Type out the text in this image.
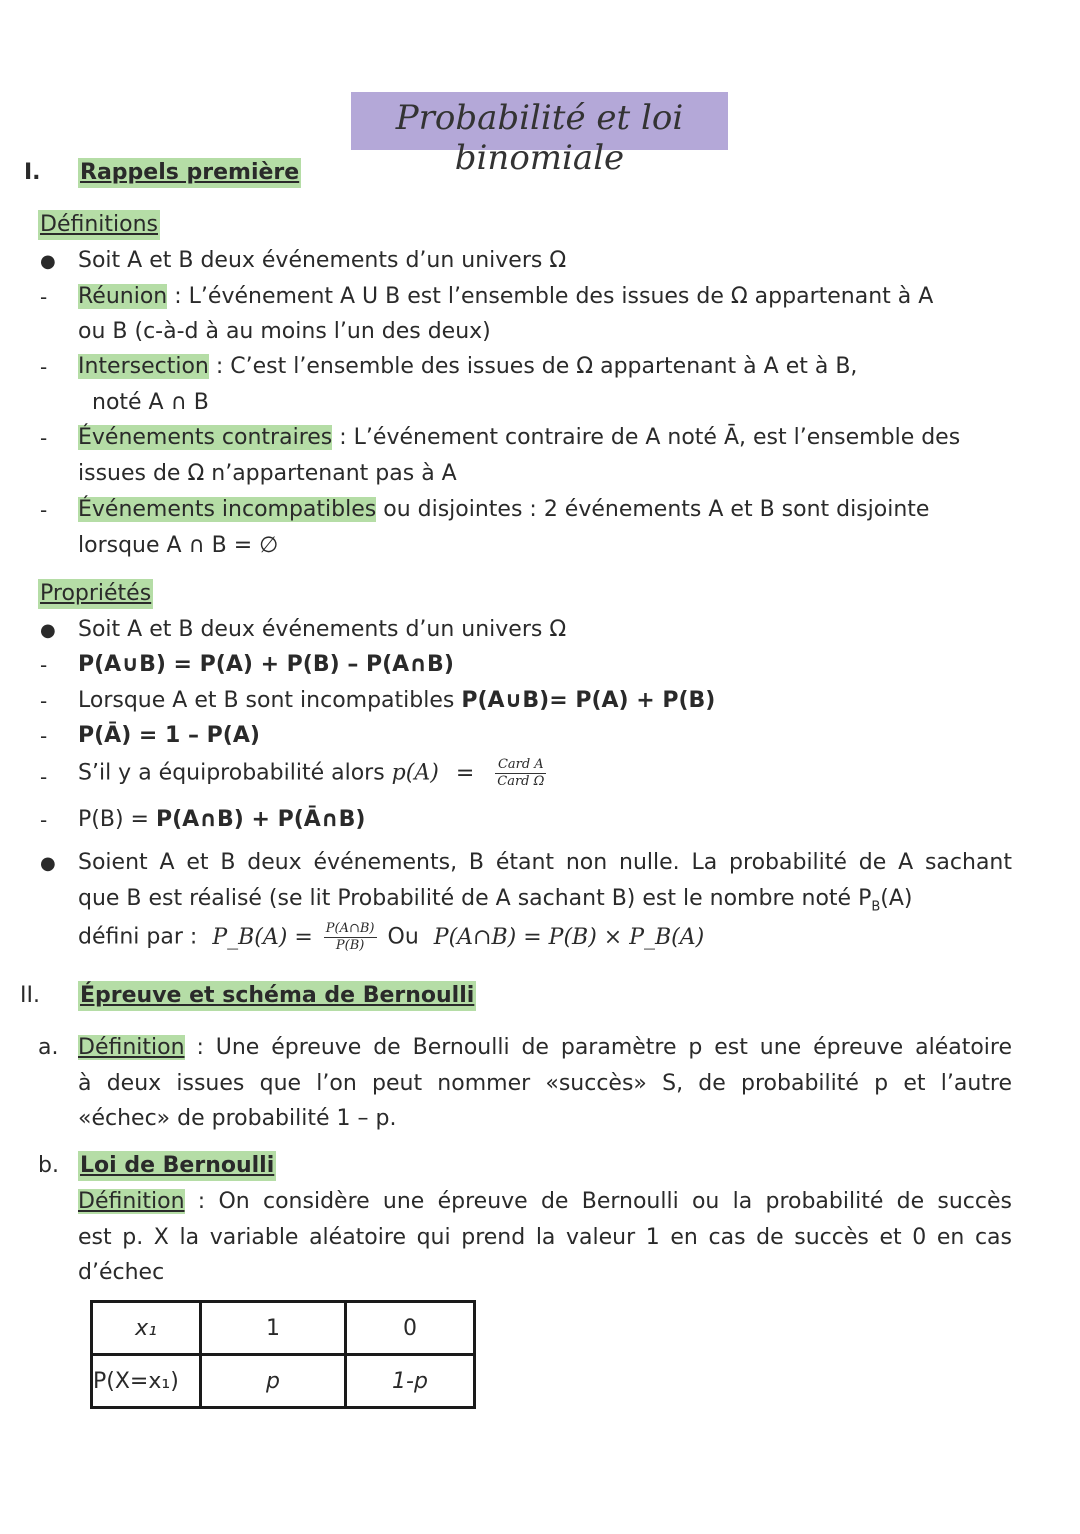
Probabilité et loi binomiale
I. Rappels première
Définitions
● Soit A et B deux événements d’un univers Ω
- Réunion : L’événement A U B est l’ensemble des issues de Ω appartenant à A
ou B (c-à-d à au moins l’un des deux)
- Intersection : C’est l’ensemble des issues de Ω appartenant à A et à B,
noté A ∩ B
- Événements contraires : L’événement contraire de A noté Ā, est l’ensemble des
issues de Ω n’appartenant pas à A
- Événements incompatibles ou disjointes : 2 événements A et B sont disjointe
lorsque A ∩ B = ∅
Propriétés
● Soit A et B deux événements d’un univers Ω
- P(A∪B) = P(A) + P(B) – P(A∩B)
- Lorsque A et B sont incompatibles P(A∪B)= P(A) + P(B)
- P(Ā) = 1 – P(A)
- S’il y a équiprobabilité alors $p(A) = \frac{\text{Card A}}{\text{Card Ω}}$
- P(B) = P(A∩B) + P(Ā∩B)
● Soient A et B deux événements, B étant non nulle. La probabilité de A sachant
que B est réalisé (se lit Probabilité de A sachant B) est le nombre noté $P_B(A)$
défini par : P_B(A) = $\frac{P(A\cap B)}{P(B)}$ Ou P(A∩B) = P(B) × P_B(A)
II. Épreuve et schéma de Bernoulli
a. Définition : Une épreuve de Bernoulli de paramètre p est une épreuve aléatoire
à deux issues que l’on peut nommer «succès» S, de probabilité p et l’autre
«échec» de probabilité 1 – p.
b. Loi de Bernoulli
Définition : On considère une épreuve de Bernoulli ou la probabilité de succès
est p. X la variable aléatoire qui prend la valeur 1 en cas de succès et 0 en cas
d’échec
x₁	1	0
P(X=x₁)	p	1-p
